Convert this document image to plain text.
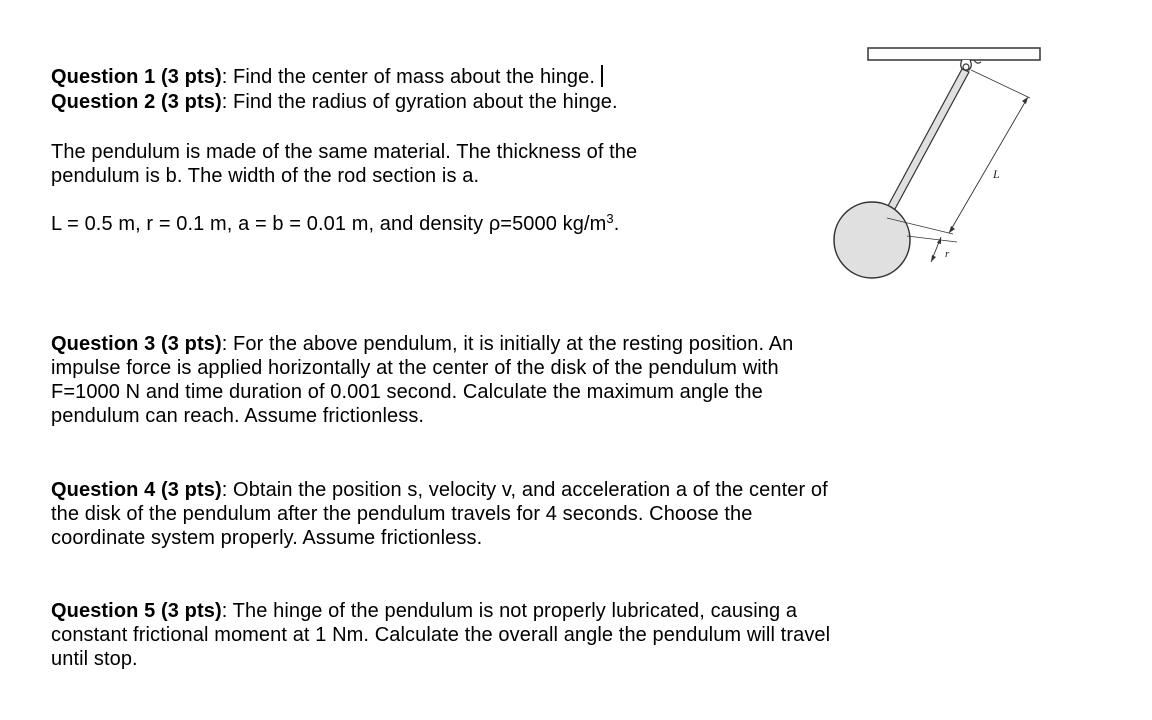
Question 1 (3 pts): Find the center of mass about the hinge.
Question 2 (3 pts): Find the radius of gyration about the hinge.
The pendulum is made of the same material. The thickness of the
pendulum is b. The width of the rod section is a.
L = 0.5 m, r = 0.1 m, a = b = 0.01 m, and density ρ=5000 $kg/m^3$.
Question 3 (3 pts): For the above pendulum, it is initially at the resting position. An
impulse force is applied horizontally at the center of the disk of the pendulum with
F=1000 N and time duration of 0.001 second. Calculate the maximum angle the
pendulum can reach. Assume frictionless.
Question 4 (3 pts): Obtain the position s, velocity v, and acceleration a of the center of
the disk of the pendulum after the pendulum travels for 4 seconds. Choose the
coordinate system properly. Assume frictionless.
Question 5 (3 pts): The hinge of the pendulum is not properly lubricated, causing a
constant frictional moment at 1 Nm. Calculate the overall angle the pendulum will travel
until stop.
L
r
